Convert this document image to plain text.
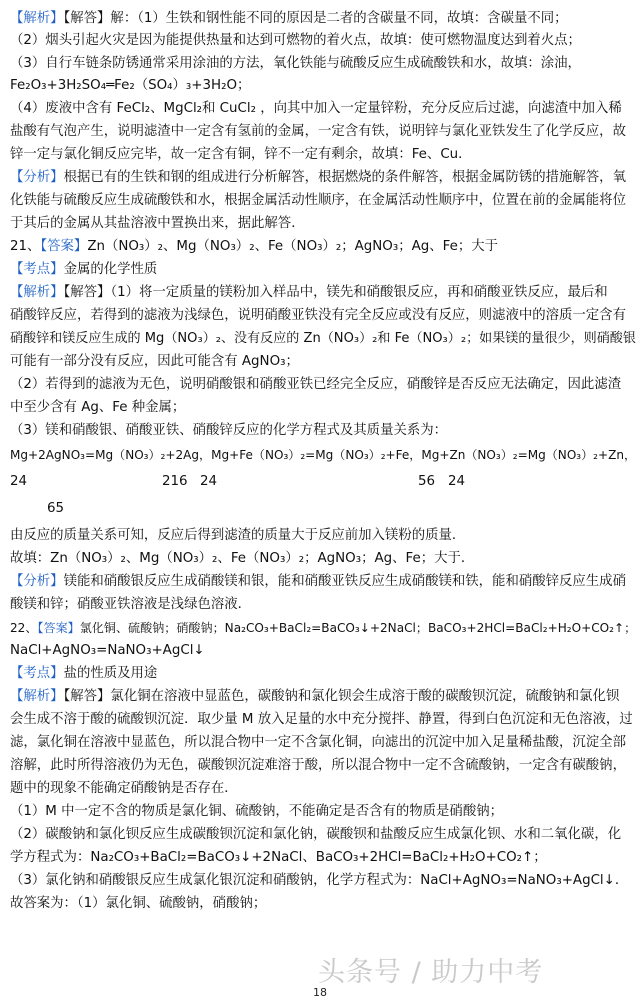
【解析】【解答】解：（1）生铁和钢性能不同的原因是二者的含碳量不同，故填：含碳量不同；
（2）烟头引起火灾是因为能提供热量和达到可燃物的着火点，故填：使可燃物温度达到着火点；
（3）自行车链条防锈通常采用涂油的方法，氧化铁能与硫酸反应生成硫酸铁和水，故填：涂油，
Fe₂O₃+3H₂SO₄═Fe₂（SO₄）₃+3H₂O；
（4）废液中含有 FeCl₂、MgCl₂和 CuCl₂ ，向其中加入一定量锌粉，充分反应后过滤，向滤渣中加入稀
盐酸有气泡产生，说明滤渣中一定含有氢前的金属，一定含有铁，说明锌与氯化亚铁发生了化学反应，故
锌一定与氯化铜反应完毕，故一定含有铜，锌不一定有剩余，故填：Fe、Cu．
【分析】根据已有的生铁和钢的组成进行分析解答，根据燃烧的条件解答，根据金属防锈的措施解答，氧
化铁能与硫酸反应生成硫酸铁和水，根据金属活动性顺序，在金属活动性顺序中，位置在前的金属能将位
于其后的金属从其盐溶液中置换出来，据此解答．
21、【答案】Zn（NO₃）₂、Mg（NO₃）₂、Fe（NO₃）₂；AgNO₃；Ag、Fe；大于
【考点】金属的化学性质
【解析】【解答】（1）将一定质量的镁粉加入样品中，镁先和硝酸银反应，再和硝酸亚铁反应，最后和
硝酸锌反应，若得到的滤液为浅绿色，说明硝酸亚铁没有完全反应或没有反应，则滤液中的溶质一定含有
硝酸锌和镁反应生成的 Mg（NO₃）₂、没有反应的 Zn（NO₃）₂和 Fe（NO₃）₂；如果镁的量很少，则硝酸银
可能有一部分没有反应，因此可能含有 AgNO₃；
（2）若得到的滤液为无色，说明硝酸银和硝酸亚铁已经完全反应，硝酸锌是否反应无法确定，因此滤渣
中至少含有 Ag、Fe 种金属；
（3）镁和硝酸银、硝酸亚铁、硝酸锌反应的化学方程式及其质量关系为：
Mg+2AgNO₃=Mg（NO₃）₂+2Ag，Mg+Fe（NO₃）₂=Mg（NO₃）₂+Fe，Mg+Zn（NO₃）₂=Mg（NO₃）₂+Zn，
24	216 24	56 24
65
由反应的质量关系可知，反应后得到滤渣的质量大于反应前加入镁粉的质量．
故填：Zn（NO₃）₂、Mg（NO₃）₂、Fe（NO₃）₂；AgNO₃；Ag、Fe；大于．
【分析】镁能和硝酸银反应生成硝酸镁和银，能和硝酸亚铁反应生成硝酸镁和铁，能和硝酸锌反应生成硝
酸镁和锌；硝酸亚铁溶液是浅绿色溶液．
22、【答案】氯化铜、硫酸钠；硝酸钠；Na₂CO₃+BaCl₂=BaCO₃↓+2NaCl；BaCO₃+2HCl=BaCl₂+H₂O+CO₂↑；
NaCl+AgNO₃=NaNO₃+AgCl↓
【考点】盐的性质及用途
【解析】【解答】氯化铜在溶液中显蓝色，碳酸钠和氯化钡会生成溶于酸的碳酸钡沉淀，硫酸钠和氯化钡
会生成不溶于酸的硫酸钡沉淀．取少量 M 放入足量的水中充分搅拌、静置，得到白色沉淀和无色溶液，过
滤，氯化铜在溶液中显蓝色，所以混合物中一定不含氯化铜，向滤出的沉淀中加入足量稀盐酸，沉淀全部
溶解，此时所得溶液仍为无色，碳酸钡沉淀难溶于酸，所以混合物中一定不含硫酸钠，一定含有碳酸钠，
题中的现象不能确定硝酸钠是否存在．
（1）M 中一定不含的物质是氯化铜、硫酸钠，不能确定是否含有的物质是硝酸钠；
（2）碳酸钠和氯化钡反应生成碳酸钡沉淀和氯化钠，碳酸钡和盐酸反应生成氯化钡、水和二氧化碳，化
学方程式为：Na₂CO₃+BaCl₂=BaCO₃↓+2NaCl、BaCO₃+2HCl=BaCl₂+H₂O+CO₂↑；
（3）氯化钠和硝酸银反应生成氯化银沉淀和硝酸钠，化学方程式为：NaCl+AgNO₃=NaNO₃+AgCl↓．
故答案为：（1）氯化铜、硫酸钠，硝酸钠；
头条号 / 助力中考
18
